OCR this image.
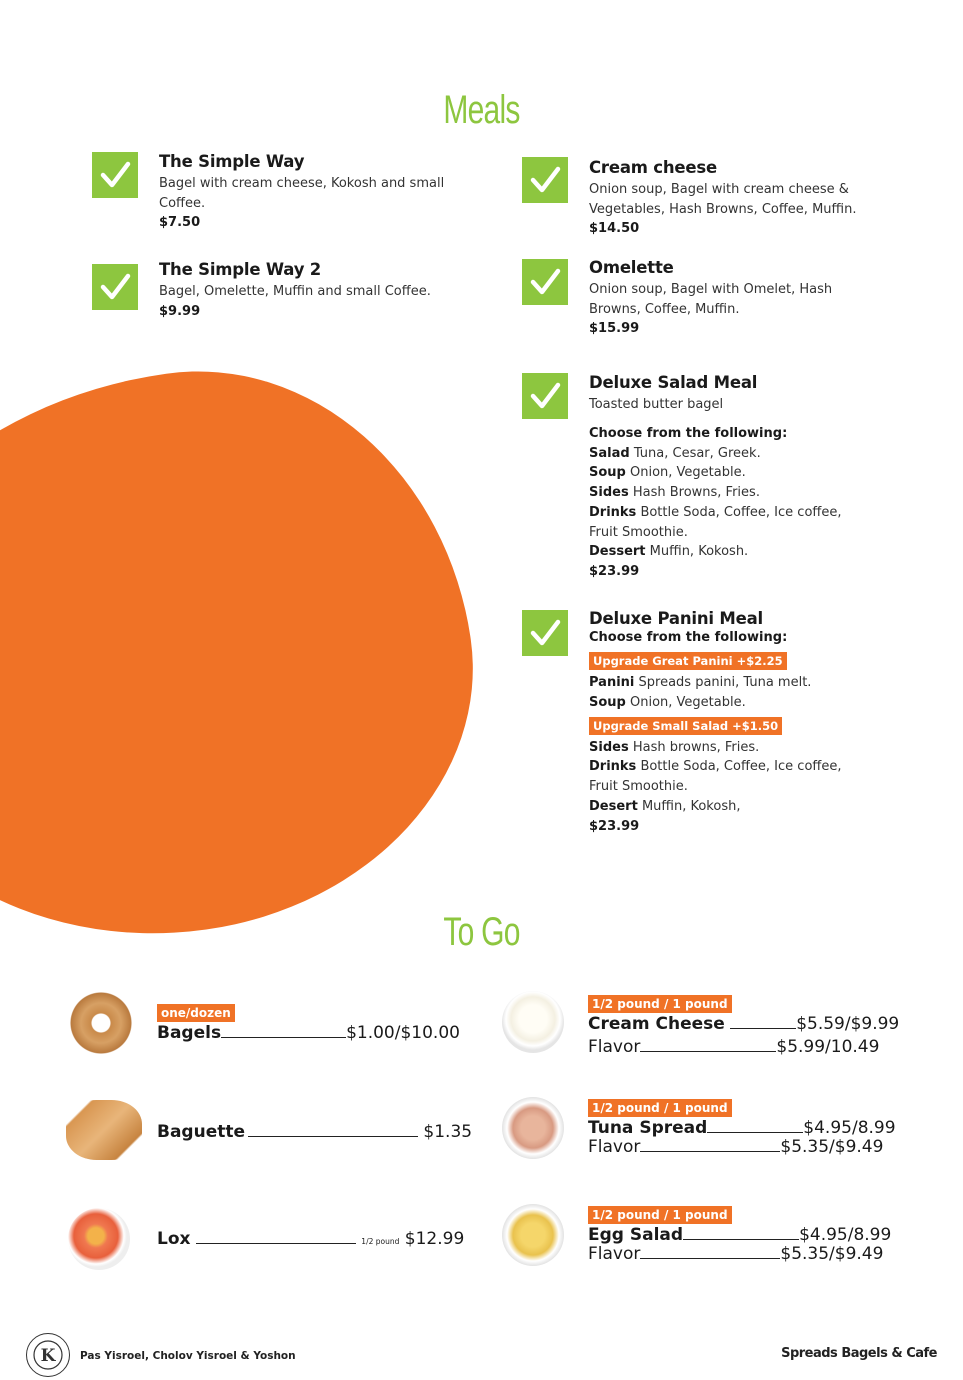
Meals
The Simple Way
Bagel with cream cheese, Kokosh and small Coffee.
$7.50
The Simple Way 2
Bagel, Omelette, Muffin and small Coffee.
$9.99
Cream cheese
Onion soup, Bagel with cream cheese & Vegetables, Hash Browns, Coffee, Muffin.
$14.50
Omelette
Onion soup, Bagel with Omelet, Hash Browns, Coffee, Muffin.
$15.99
Deluxe Salad Meal
Toasted butter bagel
Choose from the following:
Salad Tuna, Cesar, Greek.
Soup Onion, Vegetable.
Sides Hash Browns, Fries.
Drinks Bottle Soda, Coffee, Ice coffee, Fruit Smoothie.
Dessert Muffin, Kokosh.
$23.99
Deluxe Panini Meal
Choose from the following:
Upgrade Great Panini +$2.25
Panini Spreads panini, Tuna melt.
Soup Onion, Vegetable.
Upgrade Small Salad +$1.50
Sides Hash browns, Fries.
Drinks Bottle Soda, Coffee, Ice coffee, Fruit Smoothie.
Desert Muffin, Kokosh,
$23.99
To Go
one/dozen
Bagels	$1.00/$10.00
Baguette	$1.35
Lox	1/2 pound $12.99
1/2 pound / 1 pound
Cream Cheese	$5.59/$9.99
Flavor	$5.99/10.49
1/2 pound / 1 pound
Tuna Spread	$4.95/8.99
Flavor	$5.35/$9.49
1/2 pound / 1 pound
Egg Salad	$4.95/8.99
Flavor	$5.35/$9.49
K Pas Yisroel, Cholov Yisroel & Yoshon	Spreads Bagels & Cafe
